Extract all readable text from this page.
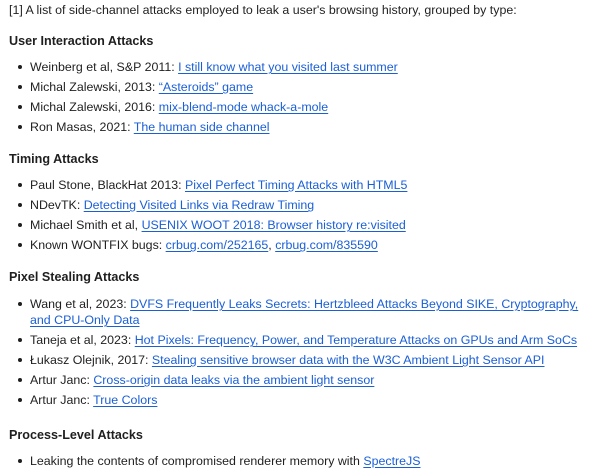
[1] A list of side-channel attacks employed to leak a user's browsing history, grouped by type:

User Interaction Attacks
Weinberg et al, S&P 2011: I still know what you visited last summer
Michal Zalewski, 2013: “Asteroids” game
Michal Zalewski, 2016: mix-blend-mode whack-a-mole
Ron Masas, 2021: The human side channel
Timing Attacks
Paul Stone, BlackHat 2013: Pixel Perfect Timing Attacks with HTML5
NDevTK: Detecting Visited Links via Redraw Timing
Michael Smith et al, USENIX WOOT 2018: Browser history re:visited
Known WONTFIX bugs: crbug.com/252165, crbug.com/835590
Pixel Stealing Attacks
Wang et al, 2023: DVFS Frequently Leaks Secrets: Hertzbleed Attacks Beyond SIKE, Cryptography, and CPU-Only Data
Taneja et al, 2023: Hot Pixels: Frequency, Power, and Temperature Attacks on GPUs and Arm SoCs
Łukasz Olejnik, 2017: Stealing sensitive browser data with the W3C Ambient Light Sensor API
Artur Janc: Cross-origin data leaks via the ambient light sensor
Artur Janc: True Colors
Process-Level Attacks
Leaking the contents of compromised renderer memory with SpectreJS
